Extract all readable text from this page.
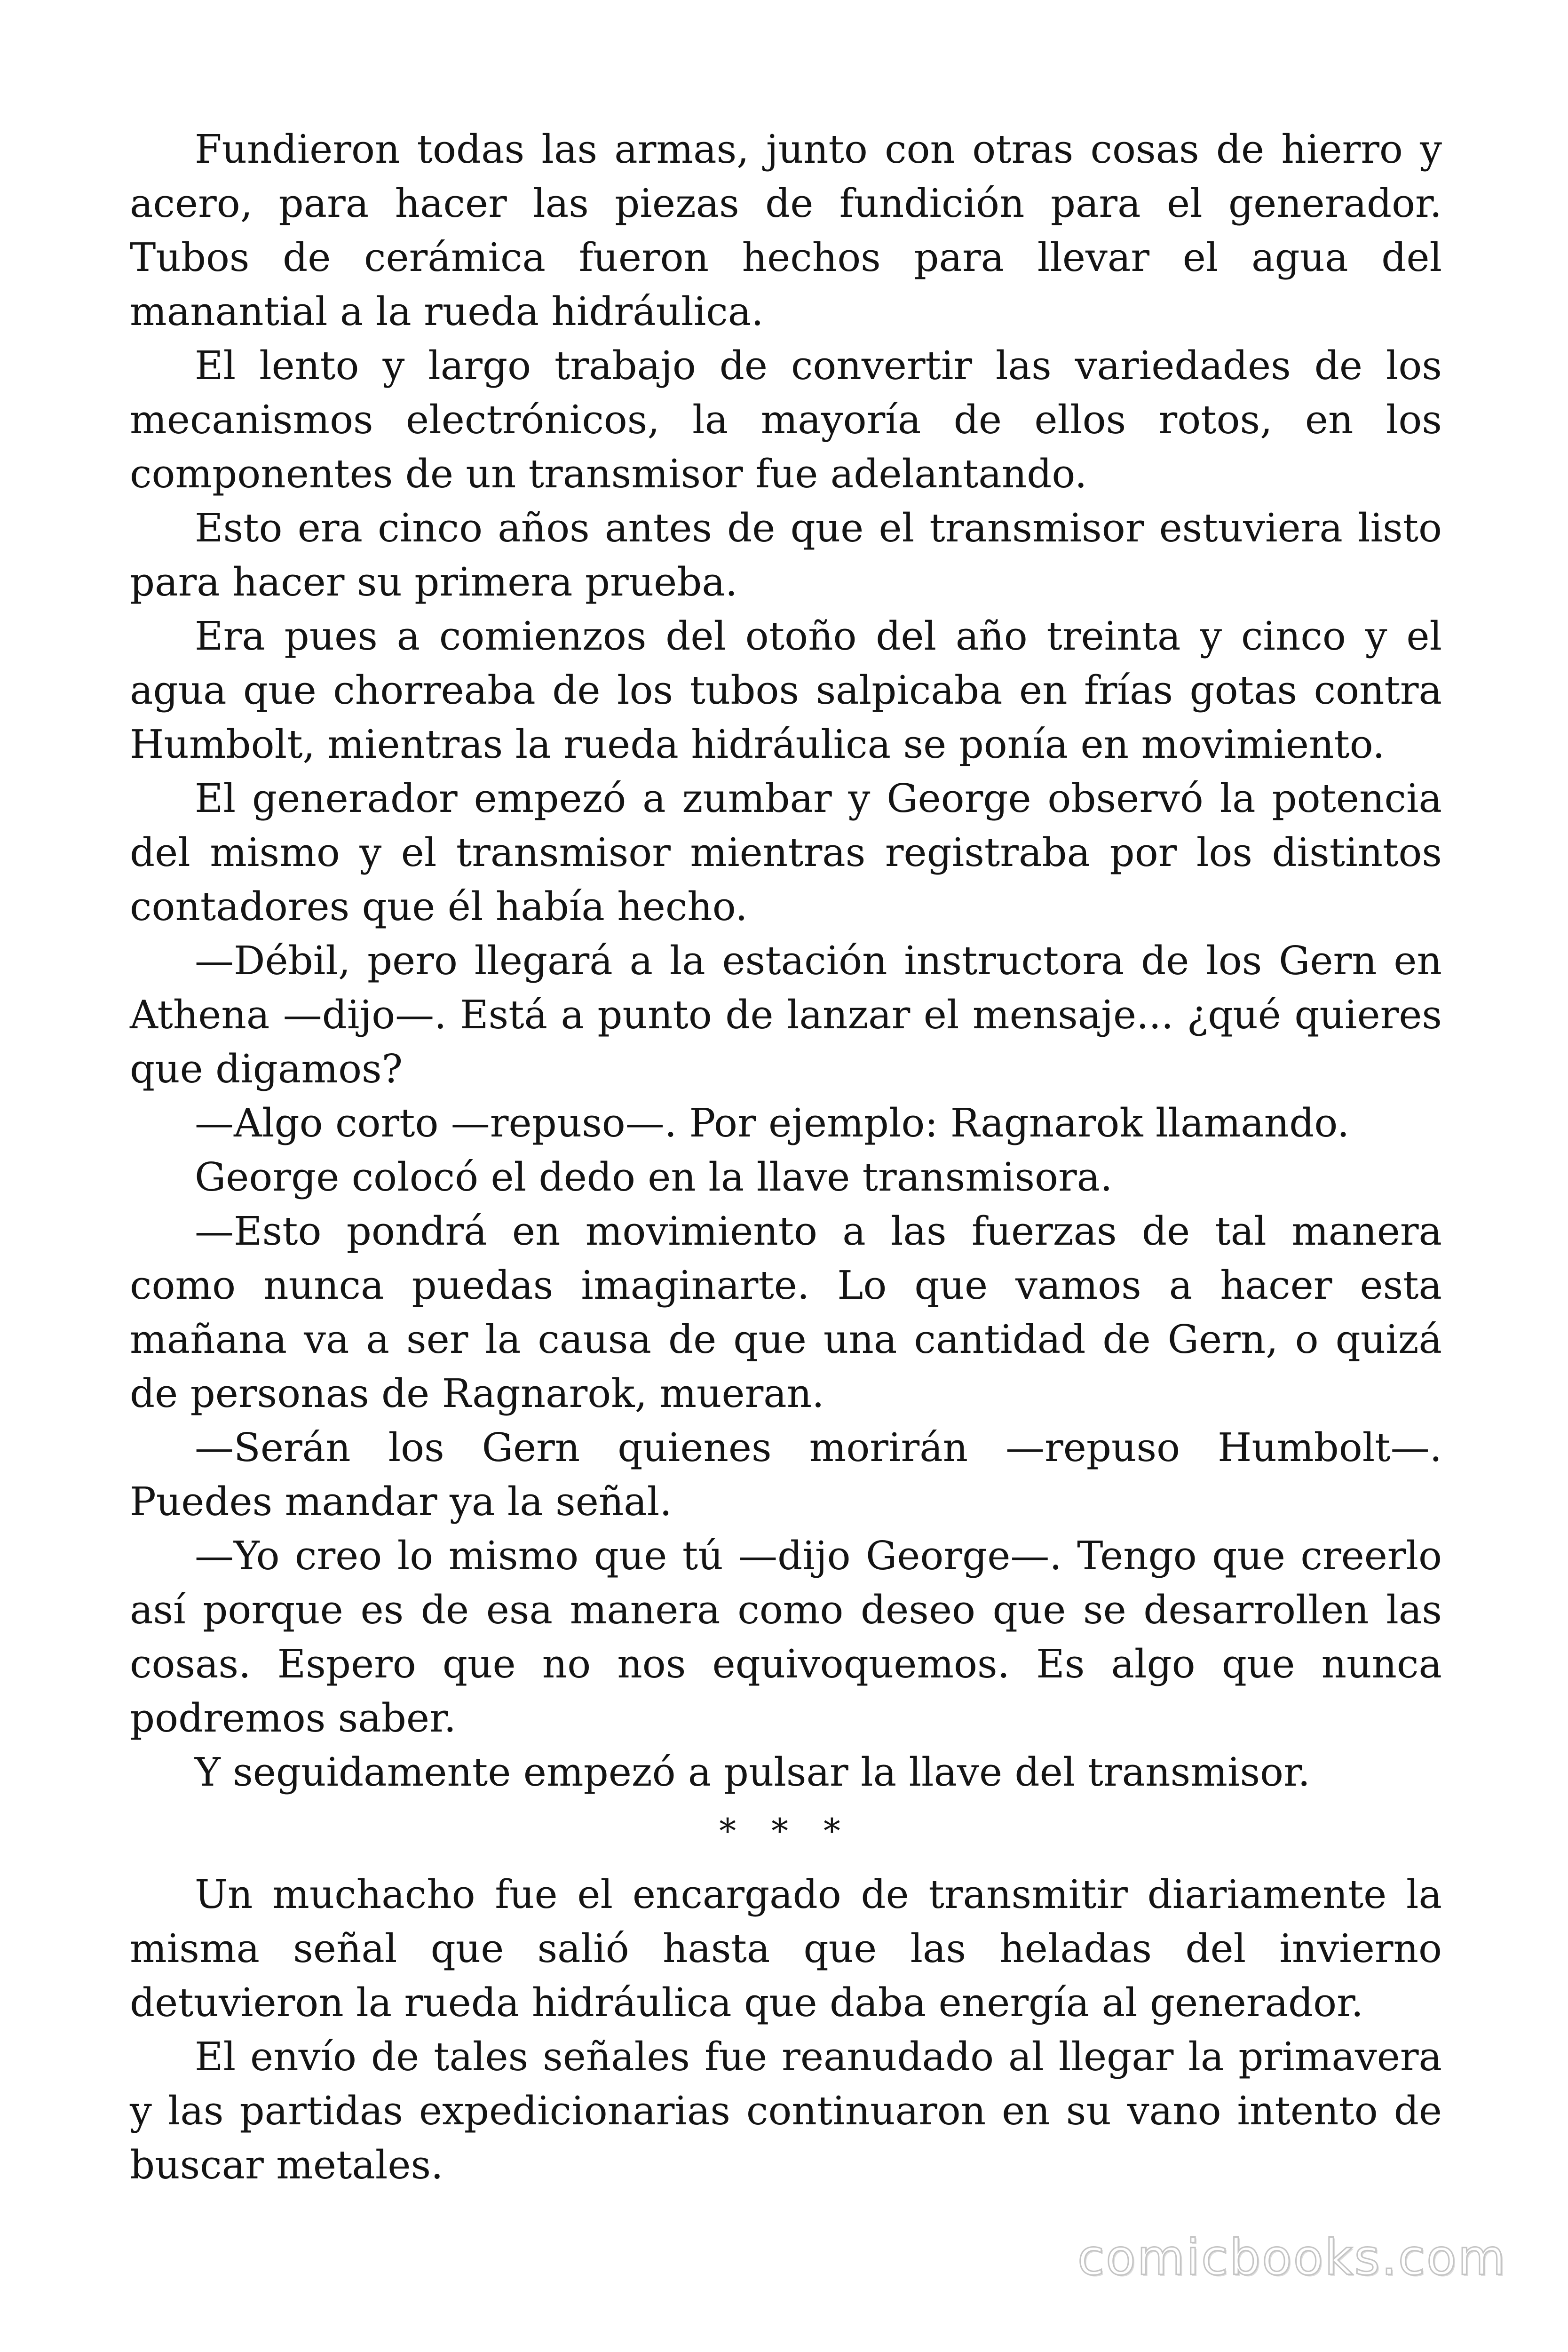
Fundieron todas las armas, junto con otras cosas de hierro y acero, para hacer las piezas de fundición para el generador. Tubos de cerámica fueron hechos para llevar el agua del manantial a la rueda hidráulica.

El lento y largo trabajo de convertir las variedades de los mecanismos electrónicos, la mayoría de ellos rotos, en los componentes de un transmisor fue adelantando.

Esto era cinco años antes de que el transmisor estuviera listo para hacer su primera prueba.

Era pues a comienzos del otoño del año treinta y cinco y el agua que chorreaba de los tubos salpicaba en frías gotas contra Humbolt, mientras la rueda hidráulica se ponía en movimiento.

El generador empezó a zumbar y George observó la potencia del mismo y el transmisor mientras registraba por los distintos contadores que él había hecho.

—Débil, pero llegará a la estación instructora de los Gern en Athena —dijo—. Está a punto de lanzar el mensaje... ¿qué quieres que digamos?

—Algo corto —repuso—. Por ejemplo: Ragnarok llamando.

George colocó el dedo en la llave transmisora.

—Esto pondrá en movimiento a las fuerzas de tal manera como nunca puedas imaginarte. Lo que vamos a hacer esta mañana va a ser la causa de que una cantidad de Gern, o quizá de personas de Ragnarok, mueran.

—Serán los Gern quienes morirán —repuso Humbolt—. Puedes mandar ya la señal.

—Yo creo lo mismo que tú —dijo George—. Tengo que creerlo así porque es de esa manera como deseo que se desarrollen las cosas. Espero que no nos equivoquemos. Es algo que nunca podremos saber.

Y seguidamente empezó a pulsar la llave del transmisor.

* * *

Un muchacho fue el encargado de transmitir diariamente la misma señal que salió hasta que las heladas del invierno detuvieron la rueda hidráulica que daba energía al generador.

El envío de tales señales fue reanudado al llegar la primavera y las partidas expedicionarias continuaron en su vano intento de buscar metales.

comicbooks.com
